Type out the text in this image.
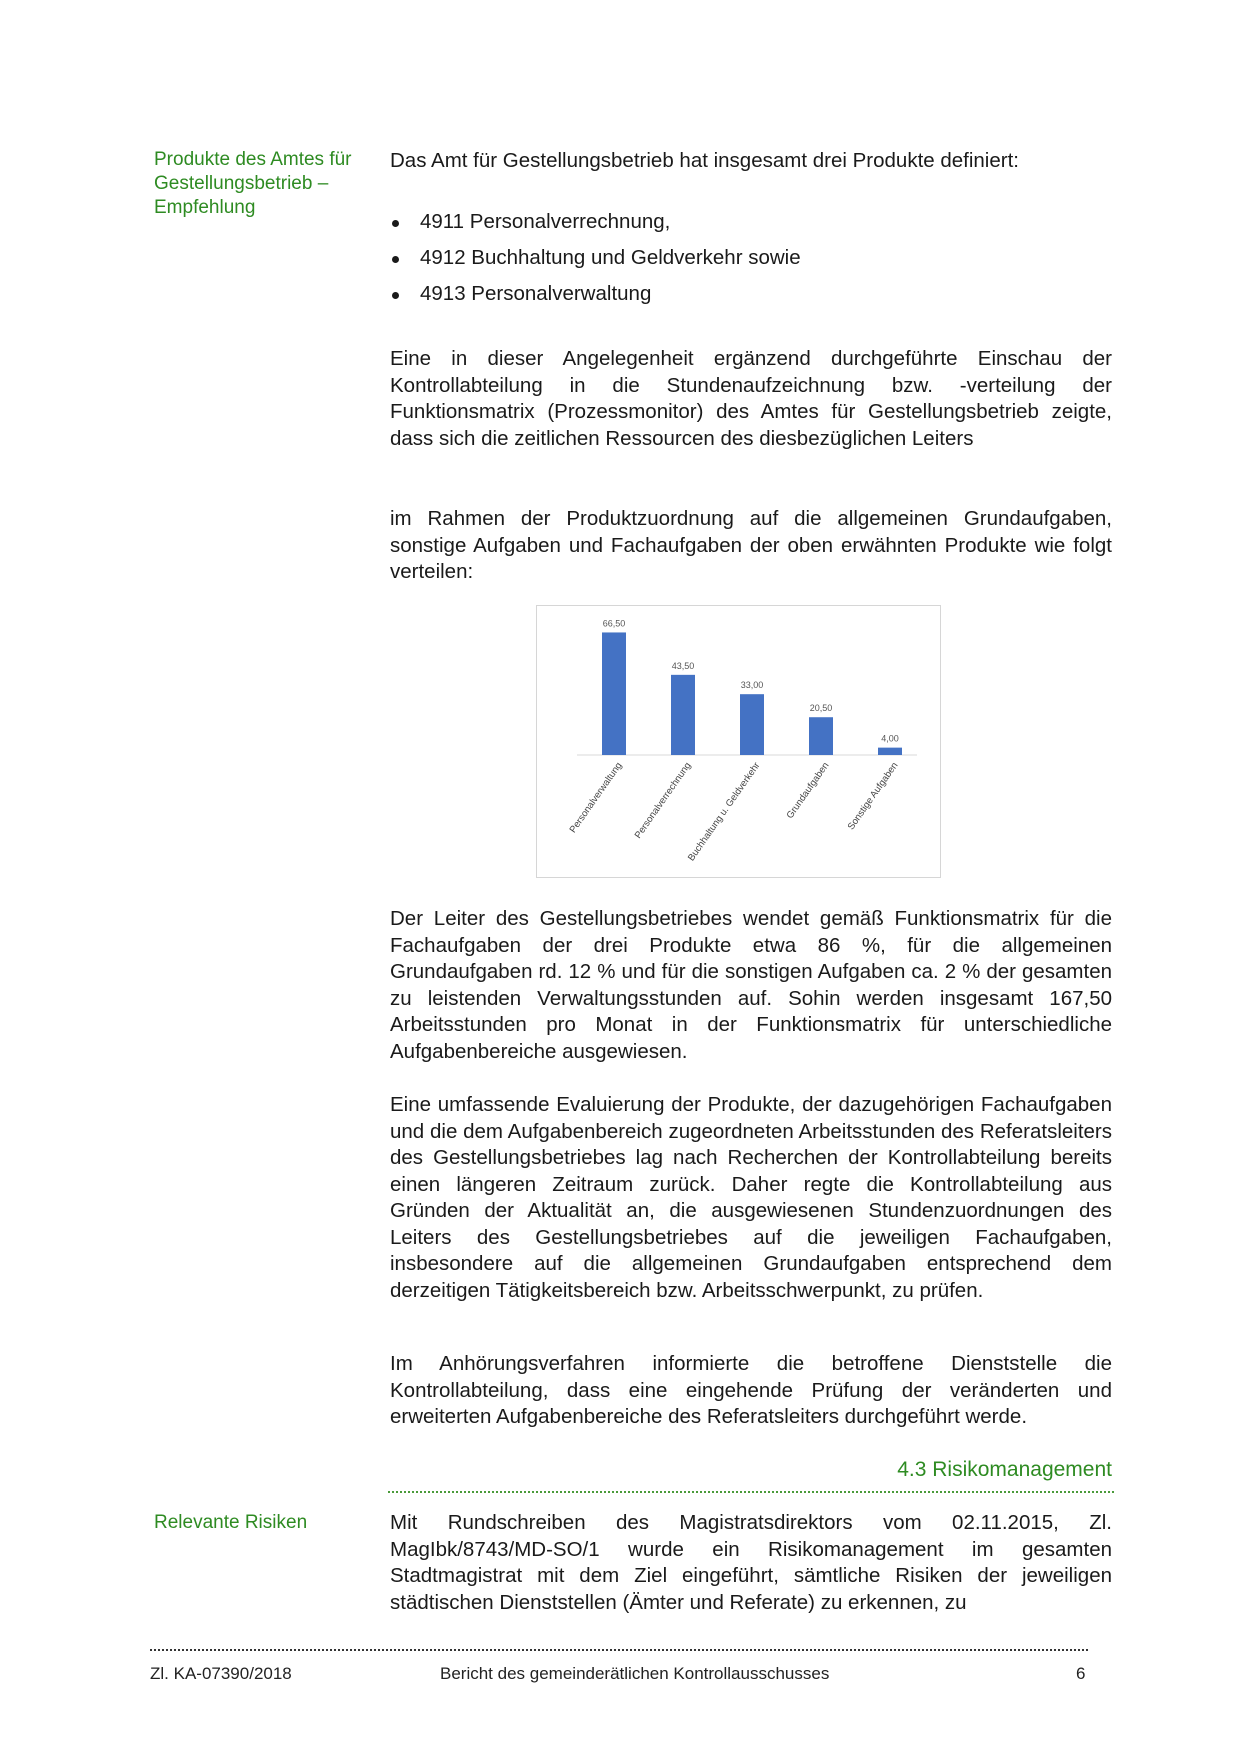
Produkte des Amtes für Gestellungsbetrieb – Empfehlung
Relevante Risiken
Das Amt für Gestellungsbetrieb hat insgesamt drei Produkte definiert:
4911 Personalverrechnung,
4912 Buchhaltung und Geldverkehr sowie
4913 Personalverwaltung
Eine in dieser Angelegenheit ergänzend durchgeführte Einschau der Kontrollabteilung in die Stundenaufzeichnung bzw. -verteilung der Funktionsmatrix (Prozessmonitor) des Amtes für Gestellungsbetrieb zeigte, dass sich die zeitlichen Ressourcen des diesbezüglichen Leiters
im Rahmen der Produktzuordnung auf die allgemeinen Grundaufgaben, sonstige Aufgaben und Fachaufgaben der oben erwähnten Produkte wie folgt verteilen:
66,50
Personalverwaltung
43,50
Personalverrechnung
33,00
Buchhaltung u. Geldverkehr
20,50
Grundaufgaben
4,00
Sonstige Aufgaben
Der Leiter des Gestellungsbetriebes wendet gemäß Funktionsmatrix für die Fachaufgaben der drei Produkte etwa 86 %, für die allgemeinen Grundaufgaben rd. 12 % und für die sonstigen Aufgaben ca. 2 % der gesamten zu leistenden Verwaltungsstunden auf. Sohin werden insgesamt 167,50 Arbeitsstunden pro Monat in der Funktionsmatrix für unterschiedliche Aufgabenbereiche ausgewiesen.
Eine umfassende Evaluierung der Produkte, der dazugehörigen Fachaufgaben und die dem Aufgabenbereich zugeordneten Arbeitsstunden des Referatsleiters des Gestellungsbetriebes lag nach Recherchen der Kontrollabteilung bereits einen längeren Zeitraum zurück. Daher regte die Kontrollabteilung aus Gründen der Aktualität an, die ausgewiesenen Stundenzuordnungen des Leiters des Gestellungsbetriebes auf die jeweiligen Fachaufgaben, insbesondere auf die allgemeinen Grundaufgaben entsprechend dem derzeitigen Tätigkeitsbereich bzw. Arbeitsschwerpunkt, zu prüfen.
Im Anhörungsverfahren informierte die betroffene Dienststelle die Kontrollabteilung, dass eine eingehende Prüfung der veränderten und erweiterten Aufgabenbereiche des Referatsleiters durchgeführt werde.
4.3 Risikomanagement
Mit Rundschreiben des Magistratsdirektors vom 02.11.2015, Zl. MagIbk/8743/MD-SO/1 wurde ein Risikomanagement im gesamten Stadtmagistrat mit dem Ziel eingeführt, sämtliche Risiken der jeweiligen städtischen Dienststellen (Ämter und Referate) zu erkennen, zu
Zl. KA-07390/2018	Bericht des gemeinderätlichen Kontrollausschusses	6
